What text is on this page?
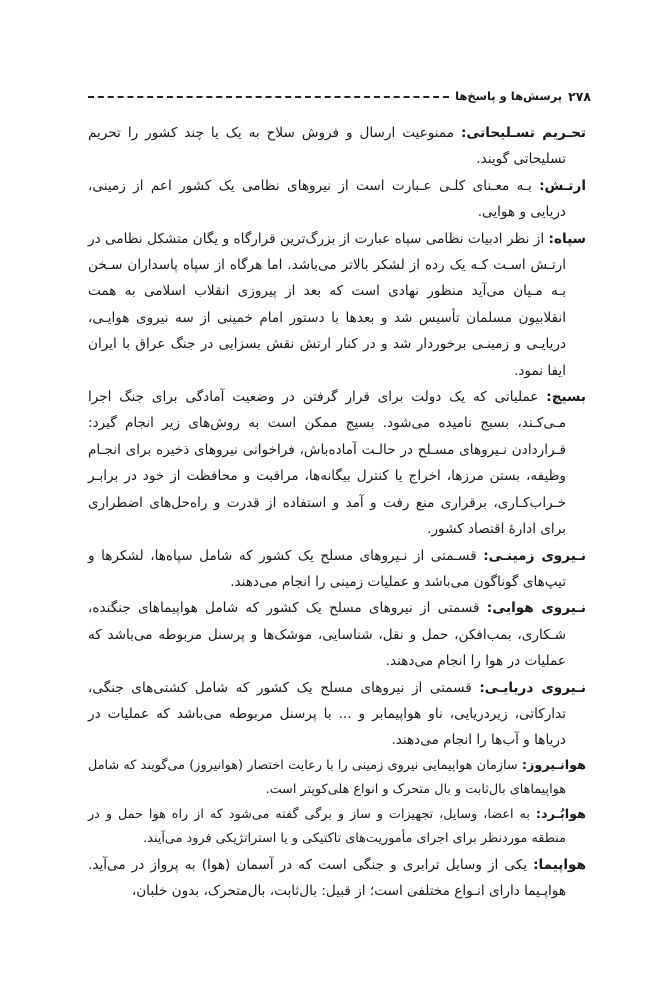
۲۷۸
پرسش‌ها و پاسخ‌ها

تحـریم تسـلیحاتی: ممنوعیت ارسال و فروش سلاح به یک یا چند کشور را تحریم تسلیحاتی گویند.

ارتـش: بـه معـنای کلـی عـبارت است از نیروهای نظامی یک کشور اعم از زمینی، دریایی و هوایی.

سپاه: از نظر ادبیات نظامی سپاه عبارت از بزرگ‌ترین قرارگاه و یگان متشکل نظامی در ارتـش اسـت کـه یک رده از لشکر بالاتر می‌باشد. اما هرگاه از سپاه پاسداران سـخن بـه مـیان می‌آید منظور نهادی است که بعد از پیروزی انقلاب اسلامی به همت انقلابیون مسلمان تأسیس شد و بعدها با دستور امام خمینی از سه نیروی هوایـی، دریایـی و زمینـی برخوردار شد و در کنار ارتش نقش بسزایی در جنگ عراق با ایران ایفا نمود.

بسیج: عملیاتی که یک دولت برای قرار گرفتن در وضعیت آمادگی برای جنگ اجرا مـی‌کـند، بسیج نامیده می‌شود. بسیج ممکن است به روش‌های زیر انجام گیرد: قـراردادن نـیروهای مسـلح در حالـت آماده‌باش، فراخوانی نیروهای ذخیره برای انجـام وظیفه، بستن مرزها، اخراج یا کنترل بیگانه‌ها، مراقبت و محافظت از خود در برابـر خـراب‌کـاری، برقراری منع رفت و آمد و استفاده از قدرت و راه‌حل‌های اضطراری برای ادارهٔ اقتصاد کشور.

نـیروی زمینـی: قسـمتی از نـیروهای مسلح یک کشور که شامل سپاه‌ها، لشکرها و تیپ‌های گوناگون می‌باشد و عملیات زمینی را انجام می‌دهند.

نـیروی هوایی: قسمتی از نیروهای مسلح یک کشور که شامل هواپیماهای جنگنده، شـکاری، بمب‌افکن، حمل و نقل، شناسایی، موشک‌ها و پرسنل مربوطه می‌باشد که عملیات در هوا را انجام می‌دهند.

نـیروی دریایـی: قسمتی از نیروهای مسلح یک کشور که شامل کشتی‌های جنگی، تدارکاتی، زیردریایی، ناو هواپیمابر و ... با پرسنل مربوطه می‌باشد که عملیات در دریاها و آب‌ها را انجام می‌دهند.

هوانـیروز: سازمان هواپیمایی نیروی زمینی را با رعایت اختصار (هوانیروز) می‌گویند که شامل هواپیماهای بال‌ثابت و بال متحرک و انواع هلی‌کوپتر است.

هوابُـرد: به اعضا، وسایل، تجهیزات و ساز و برگی گفته می‌شود که از راه هوا حمل و در منطقه موردنظر برای اجرای مأموریت‌های تاکتیکی و یا استراتژیکی فرود می‌آیند.

هواپیما: یکی از وسایل ترابری و جنگی است که در آسمان (هوا) به پرواز در می‌آید. هواپـیما دارای انـواع مختلفی است؛ از قبیل: بال‌ثابت، بال‌متحرک، بدون خلبان،
